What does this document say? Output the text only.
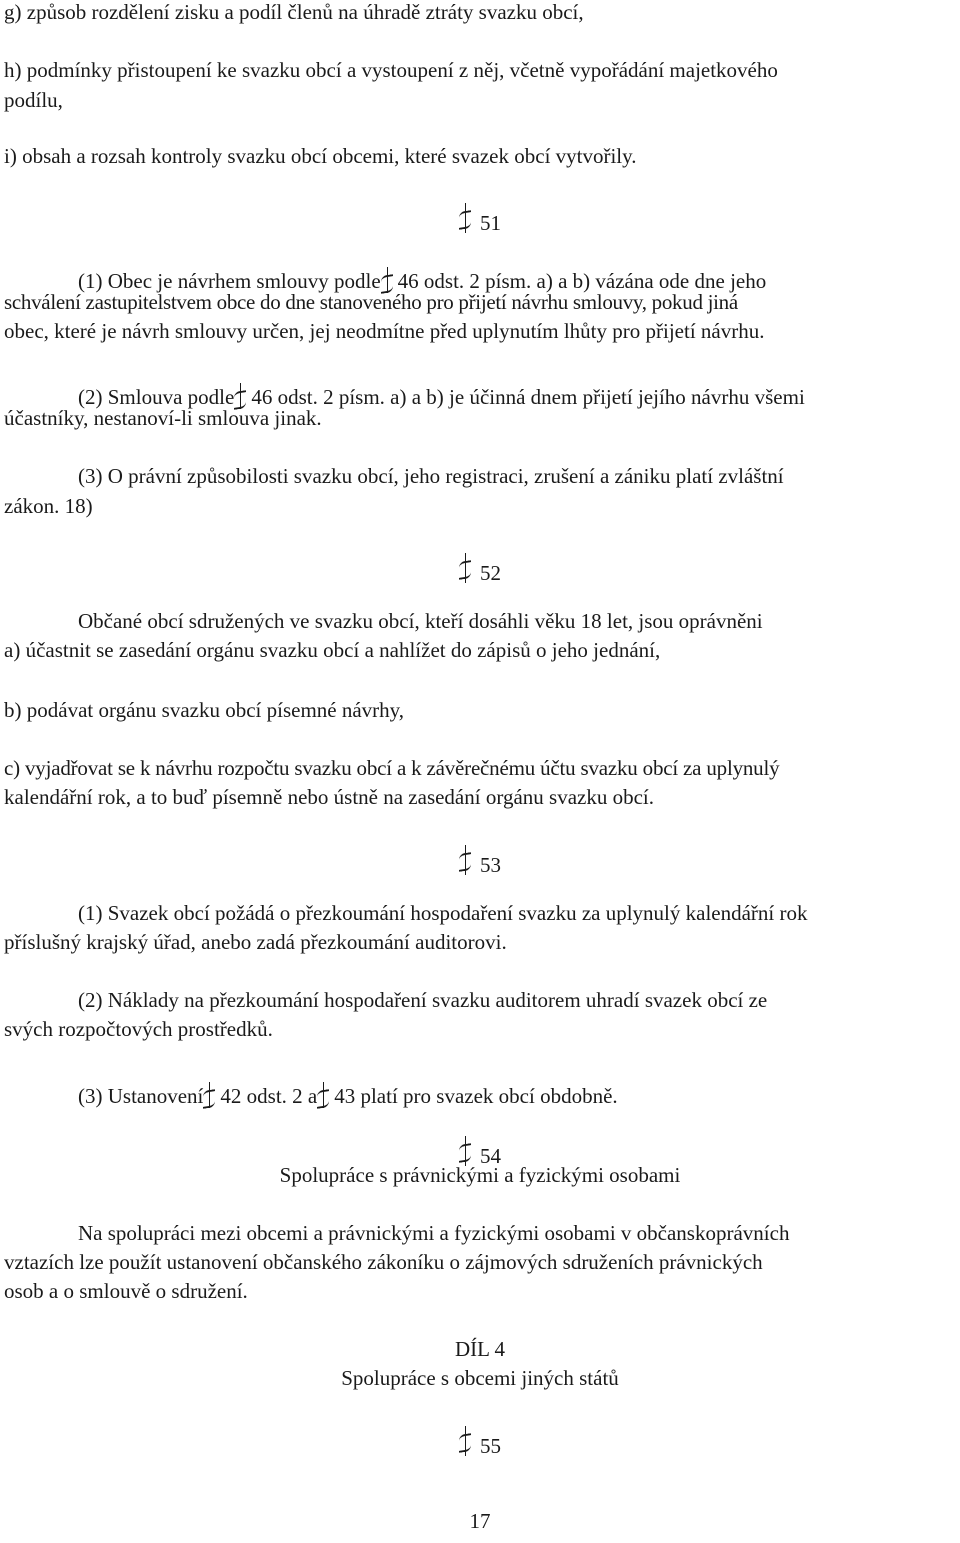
g) způsob rozdělení zisku a podíl členů na úhradě ztráty svazku obcí,
h) podmínky přistoupení ke svazku obcí a vystoupení z něj, včetně vypořádání majetkového
podílu,
i) obsah a rozsah kontroly svazku obcí obcemi, které svazek obcí vytvořily.
51
(1) Obec je návrhem smlouvy podle 46 odst. 2 písm. a) a b) vázána ode dne jeho
schválení zastupitelstvem obce do dne stanoveného pro přijetí návrhu smlouvy, pokud jiná
obec, které je návrh smlouvy určen, jej neodmítne před uplynutím lhůty pro přijetí návrhu.
(2) Smlouva podle 46 odst. 2 písm. a) a b) je účinná dnem přijetí jejího návrhu všemi
účastníky, nestanoví-li smlouva jinak.
(3) O právní způsobilosti svazku obcí, jeho registraci, zrušení a zániku platí zvláštní
zákon. 18)
52
Občané obcí sdružených ve svazku obcí, kteří dosáhli věku 18 let, jsou oprávněni
a) účastnit se zasedání orgánu svazku obcí a nahlížet do zápisů o jeho jednání,
b) podávat orgánu svazku obcí písemné návrhy,
c) vyjadřovat se k návrhu rozpočtu svazku obcí a k závěrečnému účtu svazku obcí za uplynulý
kalendářní rok, a to buď písemně nebo ústně na zasedání orgánu svazku obcí.
53
(1) Svazek obcí požádá o přezkoumání hospodaření svazku za uplynulý kalendářní rok
příslušný krajský úřad, anebo zadá přezkoumání auditorovi.
(2) Náklady na přezkoumání hospodaření svazku auditorem uhradí svazek obcí ze
svých rozpočtových prostředků.
(3) Ustanovení 42 odst. 2 a 43 platí pro svazek obcí obdobně.
54
Spolupráce s právnickými a fyzickými osobami
Na spolupráci mezi obcemi a právnickými a fyzickými osobami v občanskoprávních
vztazích lze použít ustanovení občanského zákoníku o zájmových sdruženích právnických
osob a o smlouvě o sdružení.
DÍL 4
Spolupráce s obcemi jiných států
55
17
